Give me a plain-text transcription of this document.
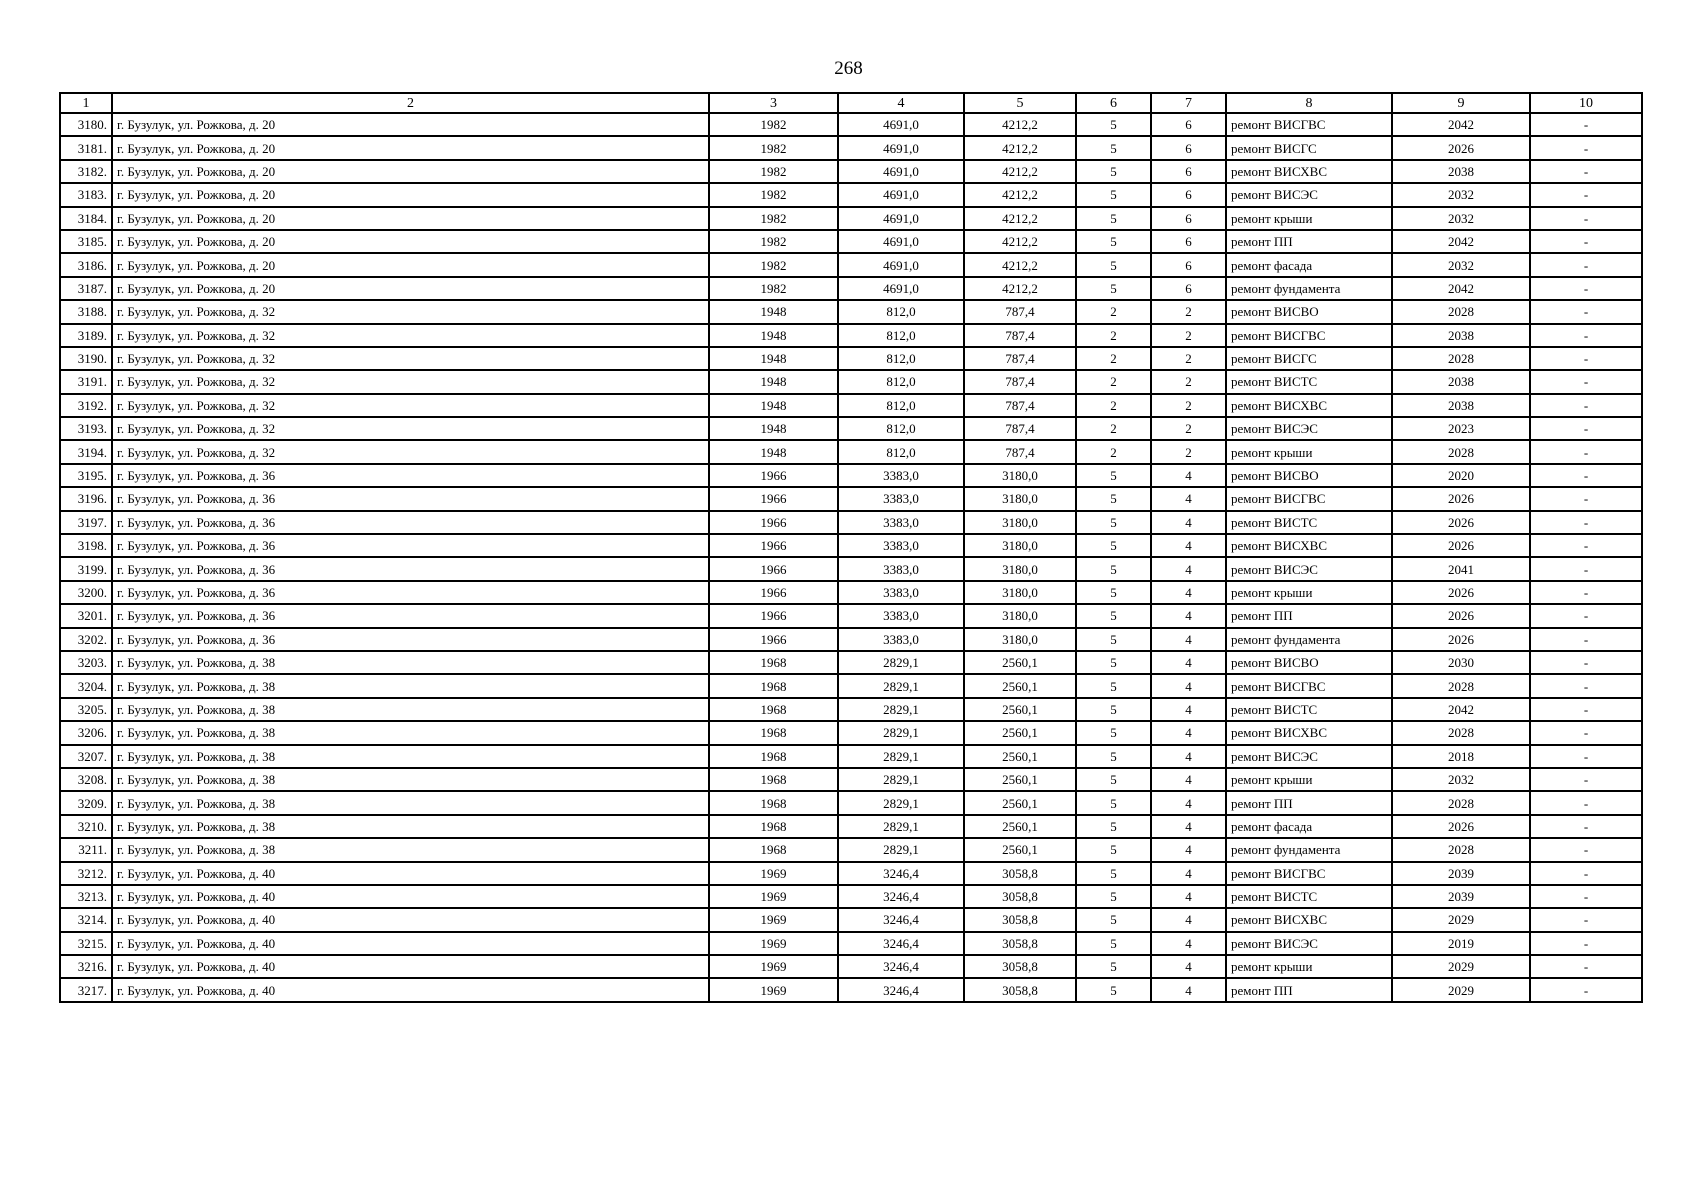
268
1	2	3	4	5	6	7	8	9	10
3180.	г. Бузулук, ул. Рожкова, д. 20	1982	4691,0	4212,2	5	6	ремонт ВИСГВС	2042	-
3181.	г. Бузулук, ул. Рожкова, д. 20	1982	4691,0	4212,2	5	6	ремонт ВИСГС	2026	-
3182.	г. Бузулук, ул. Рожкова, д. 20	1982	4691,0	4212,2	5	6	ремонт ВИСХВС	2038	-
3183.	г. Бузулук, ул. Рожкова, д. 20	1982	4691,0	4212,2	5	6	ремонт ВИСЭС	2032	-
3184.	г. Бузулук, ул. Рожкова, д. 20	1982	4691,0	4212,2	5	6	ремонт крыши	2032	-
3185.	г. Бузулук, ул. Рожкова, д. 20	1982	4691,0	4212,2	5	6	ремонт ПП	2042	-
3186.	г. Бузулук, ул. Рожкова, д. 20	1982	4691,0	4212,2	5	6	ремонт фасада	2032	-
3187.	г. Бузулук, ул. Рожкова, д. 20	1982	4691,0	4212,2	5	6	ремонт фундамента	2042	-
3188.	г. Бузулук, ул. Рожкова, д. 32	1948	812,0	787,4	2	2	ремонт ВИСВО	2028	-
3189.	г. Бузулук, ул. Рожкова, д. 32	1948	812,0	787,4	2	2	ремонт ВИСГВС	2038	-
3190.	г. Бузулук, ул. Рожкова, д. 32	1948	812,0	787,4	2	2	ремонт ВИСГС	2028	-
3191.	г. Бузулук, ул. Рожкова, д. 32	1948	812,0	787,4	2	2	ремонт ВИСТС	2038	-
3192.	г. Бузулук, ул. Рожкова, д. 32	1948	812,0	787,4	2	2	ремонт ВИСХВС	2038	-
3193.	г. Бузулук, ул. Рожкова, д. 32	1948	812,0	787,4	2	2	ремонт ВИСЭС	2023	-
3194.	г. Бузулук, ул. Рожкова, д. 32	1948	812,0	787,4	2	2	ремонт крыши	2028	-
3195.	г. Бузулук, ул. Рожкова, д. 36	1966	3383,0	3180,0	5	4	ремонт ВИСВО	2020	-
3196.	г. Бузулук, ул. Рожкова, д. 36	1966	3383,0	3180,0	5	4	ремонт ВИСГВС	2026	-
3197.	г. Бузулук, ул. Рожкова, д. 36	1966	3383,0	3180,0	5	4	ремонт ВИСТС	2026	-
3198.	г. Бузулук, ул. Рожкова, д. 36	1966	3383,0	3180,0	5	4	ремонт ВИСХВС	2026	-
3199.	г. Бузулук, ул. Рожкова, д. 36	1966	3383,0	3180,0	5	4	ремонт ВИСЭС	2041	-
3200.	г. Бузулук, ул. Рожкова, д. 36	1966	3383,0	3180,0	5	4	ремонт крыши	2026	-
3201.	г. Бузулук, ул. Рожкова, д. 36	1966	3383,0	3180,0	5	4	ремонт ПП	2026	-
3202.	г. Бузулук, ул. Рожкова, д. 36	1966	3383,0	3180,0	5	4	ремонт фундамента	2026	-
3203.	г. Бузулук, ул. Рожкова, д. 38	1968	2829,1	2560,1	5	4	ремонт ВИСВО	2030	-
3204.	г. Бузулук, ул. Рожкова, д. 38	1968	2829,1	2560,1	5	4	ремонт ВИСГВС	2028	-
3205.	г. Бузулук, ул. Рожкова, д. 38	1968	2829,1	2560,1	5	4	ремонт ВИСТС	2042	-
3206.	г. Бузулук, ул. Рожкова, д. 38	1968	2829,1	2560,1	5	4	ремонт ВИСХВС	2028	-
3207.	г. Бузулук, ул. Рожкова, д. 38	1968	2829,1	2560,1	5	4	ремонт ВИСЭС	2018	-
3208.	г. Бузулук, ул. Рожкова, д. 38	1968	2829,1	2560,1	5	4	ремонт крыши	2032	-
3209.	г. Бузулук, ул. Рожкова, д. 38	1968	2829,1	2560,1	5	4	ремонт ПП	2028	-
3210.	г. Бузулук, ул. Рожкова, д. 38	1968	2829,1	2560,1	5	4	ремонт фасада	2026	-
3211.	г. Бузулук, ул. Рожкова, д. 38	1968	2829,1	2560,1	5	4	ремонт фундамента	2028	-
3212.	г. Бузулук, ул. Рожкова, д. 40	1969	3246,4	3058,8	5	4	ремонт ВИСГВС	2039	-
3213.	г. Бузулук, ул. Рожкова, д. 40	1969	3246,4	3058,8	5	4	ремонт ВИСТС	2039	-
3214.	г. Бузулук, ул. Рожкова, д. 40	1969	3246,4	3058,8	5	4	ремонт ВИСХВС	2029	-
3215.	г. Бузулук, ул. Рожкова, д. 40	1969	3246,4	3058,8	5	4	ремонт ВИСЭС	2019	-
3216.	г. Бузулук, ул. Рожкова, д. 40	1969	3246,4	3058,8	5	4	ремонт крыши	2029	-
3217.	г. Бузулук, ул. Рожкова, д. 40	1969	3246,4	3058,8	5	4	ремонт ПП	2029	-
